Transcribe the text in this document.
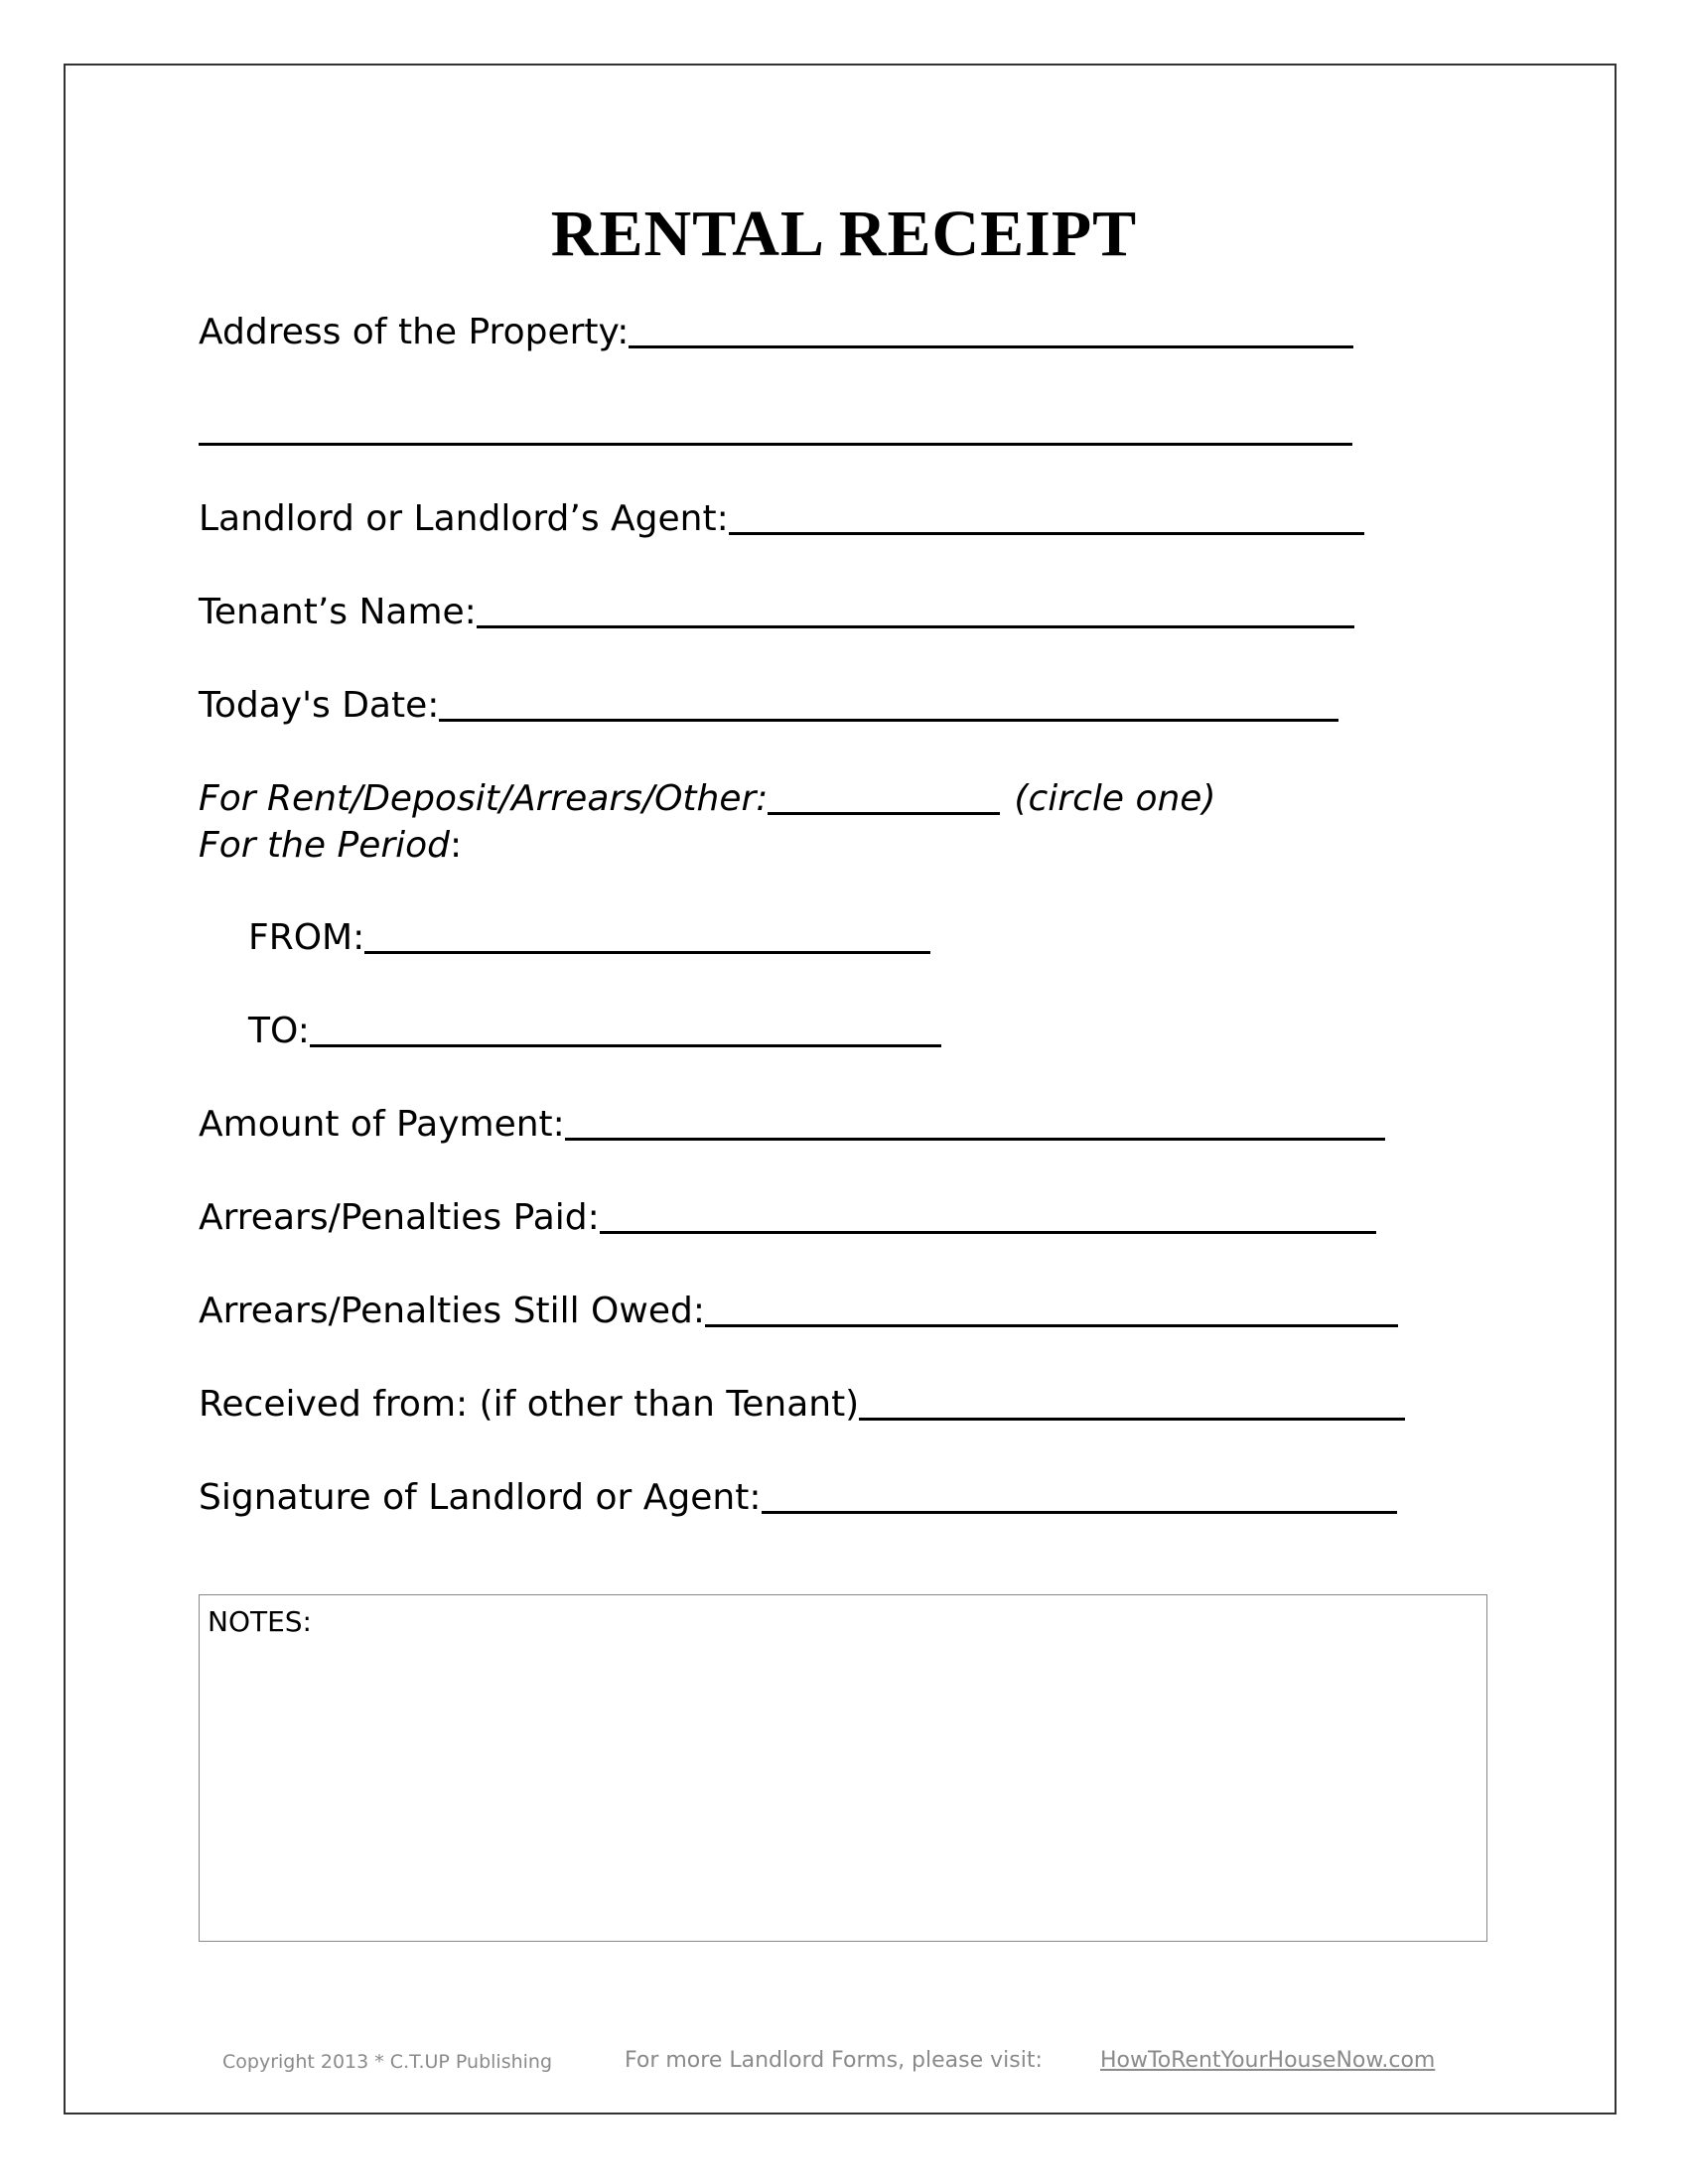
RENTAL RECEIPT
Address of the Property:
Landlord or Landlord’s Agent:
Tenant’s Name:
Today's Date:
For Rent/Deposit/Arrears/Other:	(circle one)
For the Period:
FROM:
TO:
Amount of Payment:
Arrears/Penalties Paid:
Arrears/Penalties Still Owed:
Received from: (if other than Tenant)
Signature of Landlord or Agent:
NOTES:
Copyright 2013 * C.T.UP Publishing	For more Landlord Forms, please visit:	HowToRentYourHouseNow.com
